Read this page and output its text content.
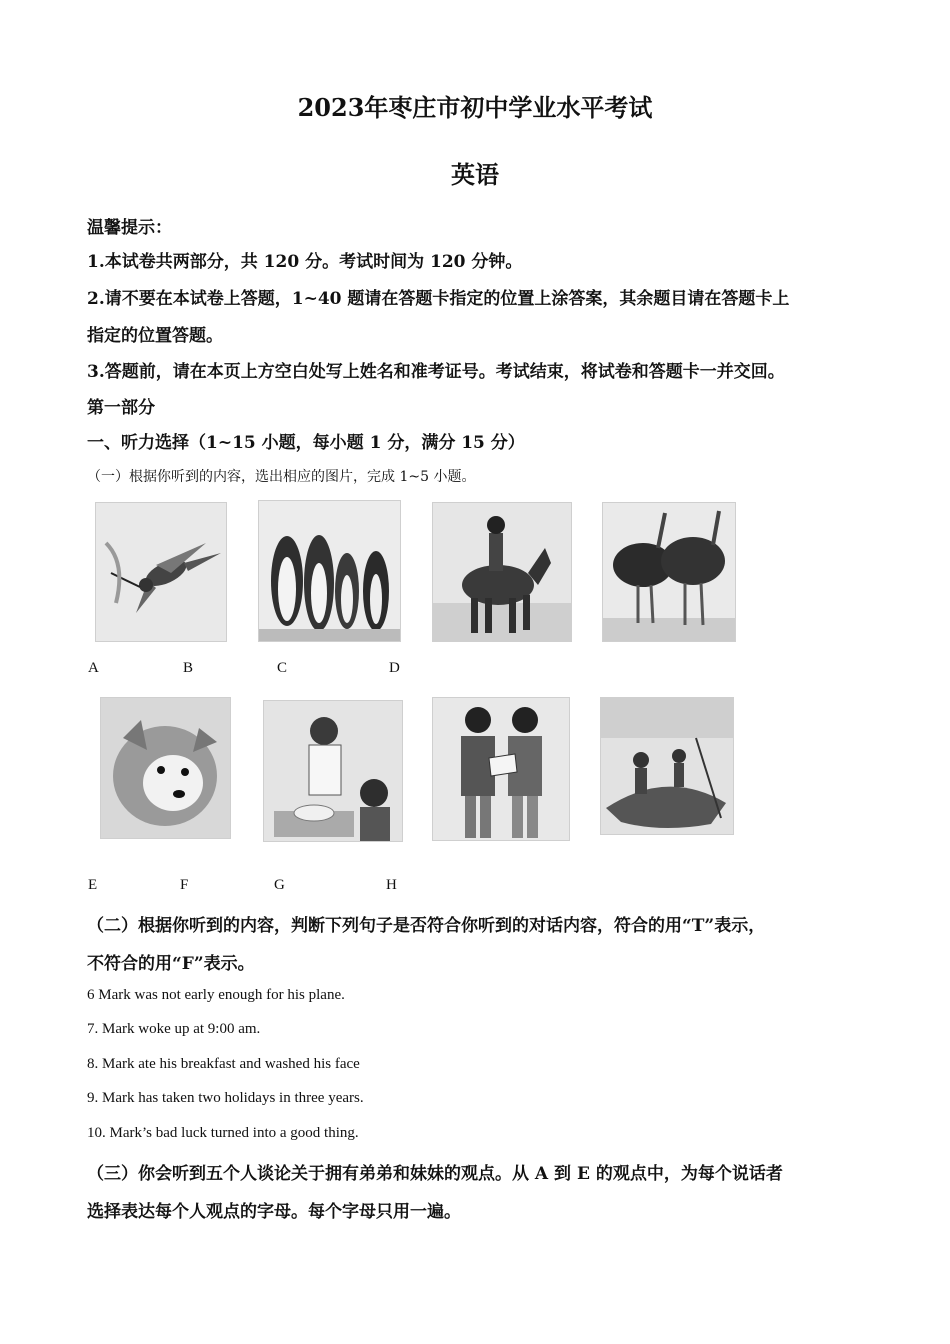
2023年枣庄市初中学业水平考试
英语
温馨提示：
1.本试卷共两部分，共 120 分。考试时间为 120 分钟。
2.请不要在本试卷上答题，1~40 题请在答题卡指定的位置上涂答案，其余题目请在答题卡上
指定的位置答题。
3.答题前，请在本页上方空白处写上姓名和准考证号。考试结束，将试卷和答题卡一并交回。
第一部分
一、听力选择（1~15 小题，每小题 1 分，满分 15 分）
（一）根据你听到的内容，选出相应的图片，完成 1~5 小题。
A	B	C	D
E	F	G	H
（二）根据你听到的内容，判断下列句子是否符合你听到的对话内容，符合的用“T”表示，
不符合的用“F”表示。
6 Mark was not early enough for his plane.
7. Mark woke up at 9:00 am.
8. Mark ate his breakfast and washed his face
9. Mark has taken two holidays in three years.
10. Mark’s bad luck turned into a good thing.
（三）你会听到五个人谈论关于拥有弟弟和妹妹的观点。从 A 到 E 的观点中，为每个说话者
选择表达每个人观点的字母。每个字母只用一遍。
